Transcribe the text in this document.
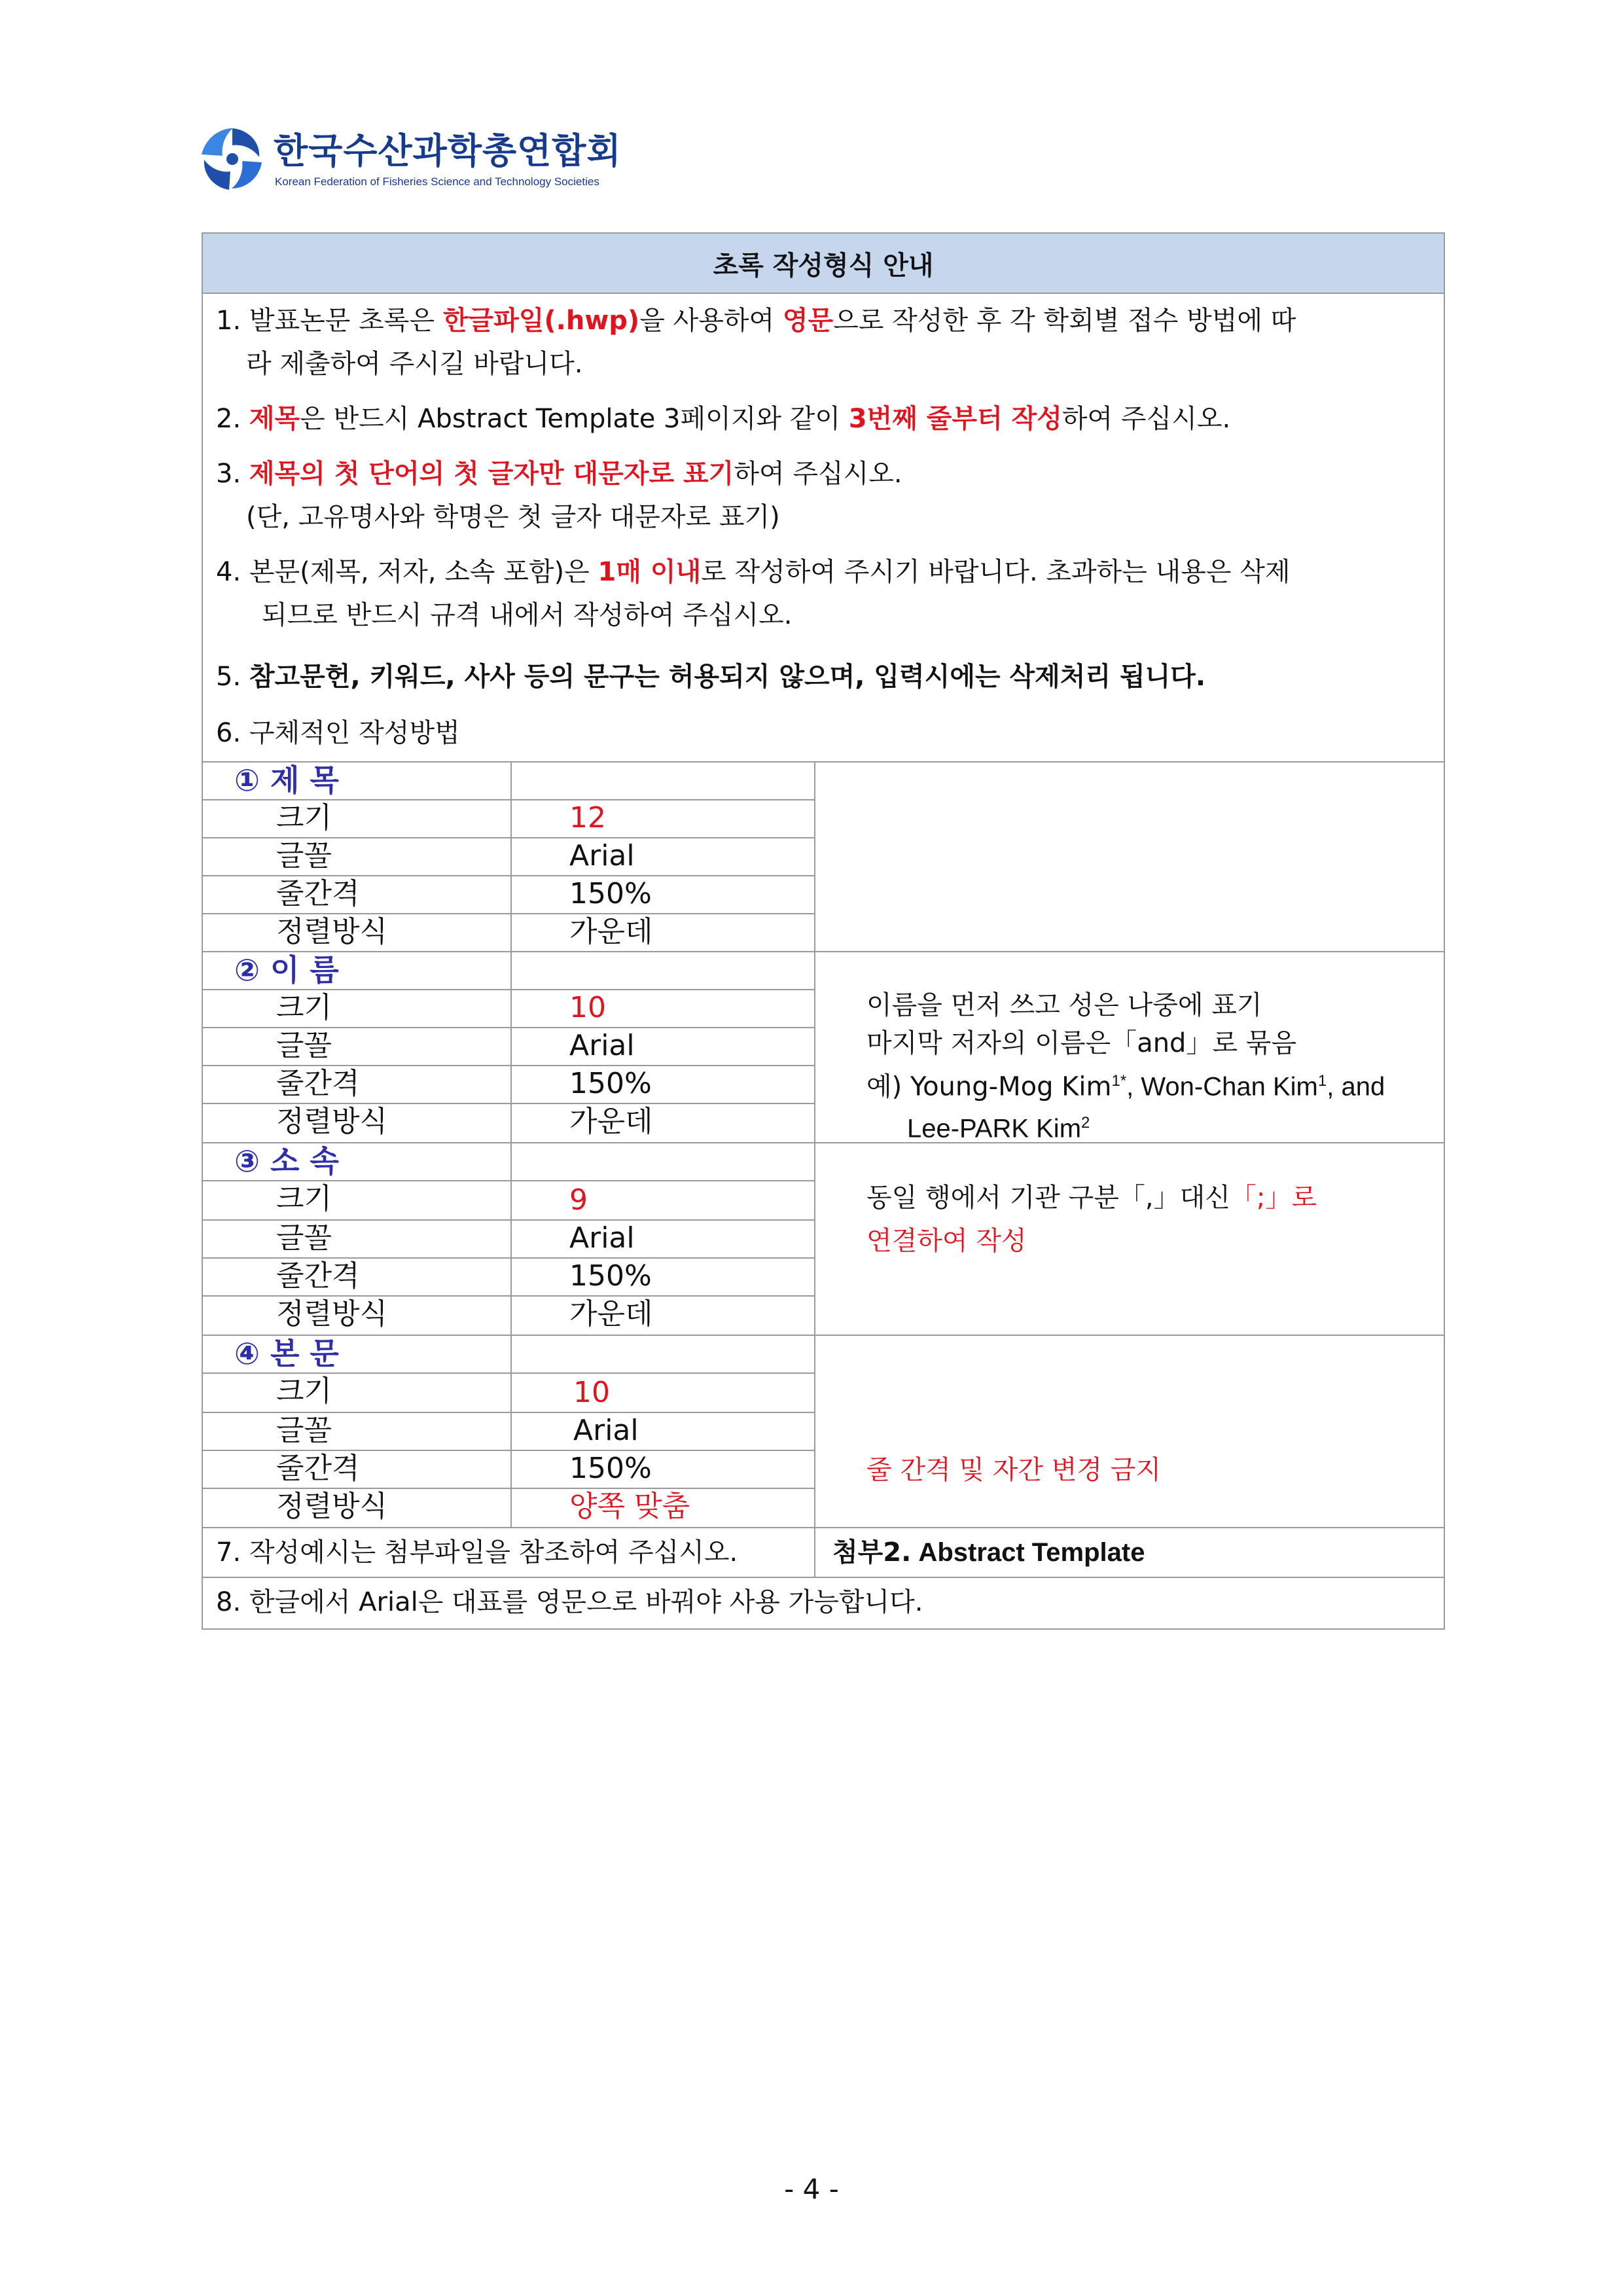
한국수산과학총연합회
Korean Federation of Fisheries Science and Technology Societies
초록 작성형식 안내
1. 발표논문 초록은 한글파일(.hwp)을 사용하여 영문으로 작성한 후 각 학회별 접수 방법에 따
라 제출하여 주시길 바랍니다.
2. 제목은 반드시 Abstract Template 3페이지와 같이 3번째 줄부터 작성하여 주십시오.
3. 제목의 첫 단어의 첫 글자만 대문자로 표기하여 주십시오.
(단, 고유명사와 학명은 첫 글자 대문자로 표기)
4. 본문(제목, 저자, 소속 포함)은 1매 이내로 작성하여 주시기 바랍니다. 초과하는 내용은 삭제
되므로 반드시 규격 내에서 작성하여 주십시오.
5. 참고문헌, 키워드, 사사 등의 문구는 허용되지 않으며, 입력시에는 삭제처리 됩니다.
6. 구체적인 작성방법
① 제 목
크기	12
글꼴	Arial
줄간격	150%
정렬방식	가운데
② 이 름
크기	10
글꼴	Arial
줄간격	150%
정렬방식	가운데
이름을 먼저 쓰고 성은 나중에 표기
마지막 저자의 이름은「and」로 묶음
예) Young-Mog Kim$^{1*}$, Won-Chan Kim$^1$, and
Lee-PARK Kim$^2$
③ 소 속
크기	9
글꼴	Arial
줄간격	150%
정렬방식	가운데
동일 행에서 기관 구분「,」대신「;」로
연결하여 작성
④ 본 문
크기	10
글꼴	Arial
줄간격	150%
정렬방식	양쪽 맞춤
줄 간격 및 자간 변경 금지
7. 작성예시는 첨부파일을 참조하여 주십시오.	첨부2. Abstract Template
8. 한글에서 Arial은 대표를 영문으로 바꿔야 사용 가능합니다.
- 4 -
